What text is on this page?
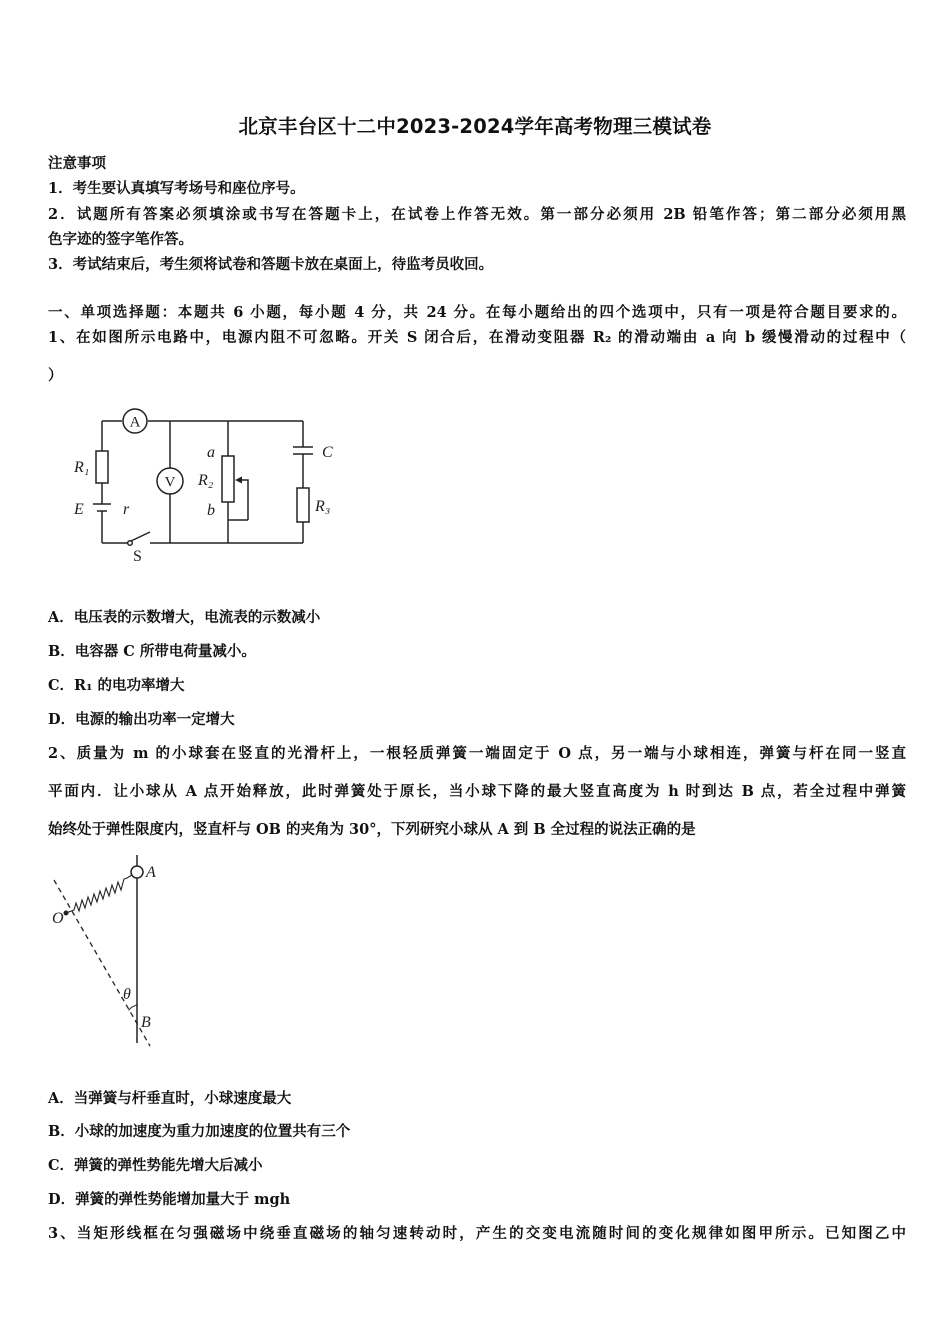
北京丰台区十二中2023-2024学年高考物理三模试卷
注意事项
1．考生要认真填写考场号和座位序号。
2．试题所有答案必须填涂或书写在答题卡上，在试卷上作答无效。第一部分必须用 2B 铅笔作答；第二部分必须用黑
色字迹的签字笔作答。
3．考试结束后，考生须将试卷和答题卡放在桌面上，待监考员收回。
一、单项选择题：本题共 6 小题，每小题 4 分，共 24 分。在每小题给出的四个选项中，只有一项是符合题目要求的。
1、在如图所示电路中，电源内阻不可忽略。开关 S 闭合后，在滑动变阻器 R₂ 的滑动端由 a 向 b 缓慢滑动的过程中（
）
A
V
R₁
E r
S
a
R₂
b
C
R₃
A．电压表的示数增大，电流表的示数减小
B．电容器 C 所带电荷量减小。
C．R₁ 的电功率增大
D．电源的输出功率一定增大
2、质量为 m 的小球套在竖直的光滑杆上，一根轻质弹簧一端固定于 O 点，另一端与小球相连，弹簧与杆在同一竖直
平面内．让小球从 A 点开始释放，此时弹簧处于原长，当小球下降的最大竖直高度为 h 时到达 B 点，若全过程中弹簧
始终处于弹性限度内，竖直杆与 OB 的夹角为 30°，下列研究小球从 A 到 B 全过程的说法正确的是
A
O
θ
B
A．当弹簧与杆垂直时，小球速度最大
B．小球的加速度为重力加速度的位置共有三个
C．弹簧的弹性势能先增大后减小
D．弹簧的弹性势能增加量大于 mgh
3、当矩形线框在匀强磁场中绕垂直磁场的轴匀速转动时，产生的交变电流随时间的变化规律如图甲所示。已知图乙中
